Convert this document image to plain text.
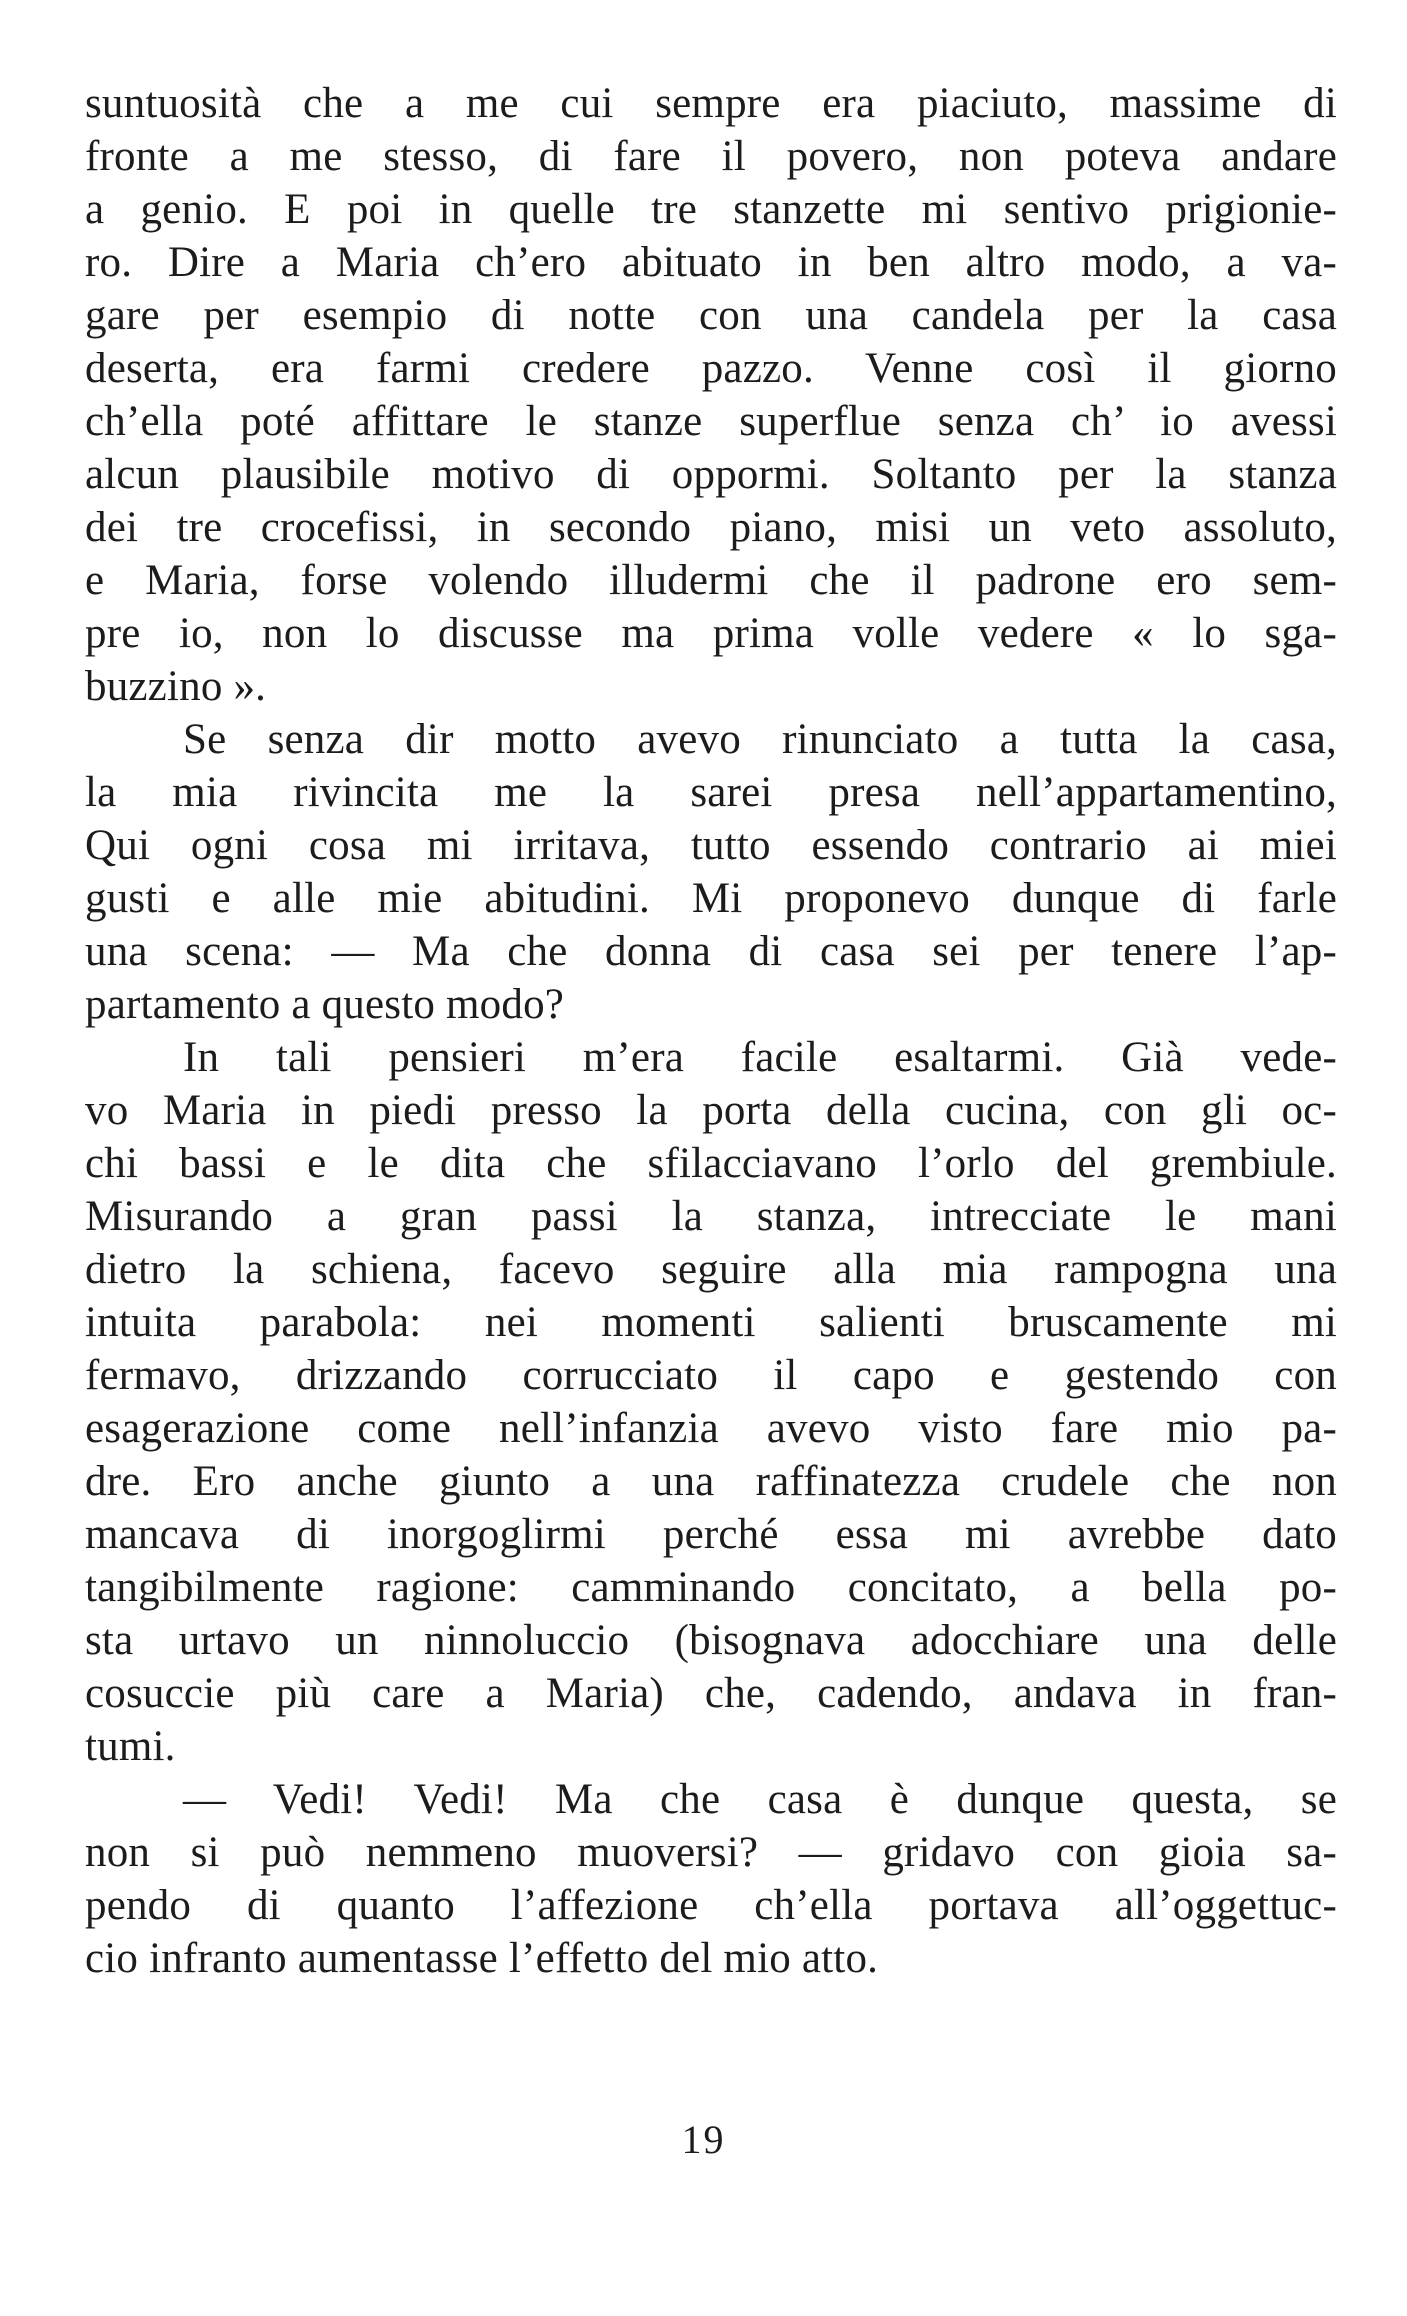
suntuosità che a me cui sempre era piaciuto, massime di
fronte a me stesso, di fare il povero, non poteva andare
a genio. E poi in quelle tre stanzette mi sentivo prigionie-
ro. Dire a Maria ch’ero abituato in ben altro modo, a va-
gare per esempio di notte con una candela per la casa
deserta, era farmi credere pazzo. Venne così il giorno
ch’ella poté affittare le stanze superflue senza ch’ io avessi
alcun plausibile motivo di oppormi. Soltanto per la stanza
dei tre crocefissi, in secondo piano, misi un veto assoluto,
e Maria, forse volendo illudermi che il padrone ero sem-
pre io, non lo discusse ma prima volle vedere « lo sga-
buzzino ».
Se senza dir motto avevo rinunciato a tutta la casa,
la mia rivincita me la sarei presa nell’appartamentino,
Qui ogni cosa mi irritava, tutto essendo contrario ai miei
gusti e alle mie abitudini. Mi proponevo dunque di farle
una scena: — Ma che donna di casa sei per tenere l’ap-
partamento a questo modo?
In tali pensieri m’era facile esaltarmi. Già vede-
vo Maria in piedi presso la porta della cucina, con gli oc-
chi bassi e le dita che sfilacciavano l’orlo del grembiule.
Misurando a gran passi la stanza, intrecciate le mani
dietro la schiena, facevo seguire alla mia rampogna una
intuita parabola: nei momenti salienti bruscamente mi
fermavo, drizzando corrucciato il capo e gestendo con
esagerazione come nell’infanzia avevo visto fare mio pa-
dre. Ero anche giunto a una raffinatezza crudele che non
mancava di inorgoglirmi perché essa mi avrebbe dato
tangibilmente ragione: camminando concitato, a bella po-
sta urtavo un ninnoluccio (bisognava adocchiare una delle
cosuccie più care a Maria) che, cadendo, andava in fran-
tumi.
— Vedi! Vedi! Ma che casa è dunque questa, se
non si può nemmeno muoversi? — gridavo con gioia sa-
pendo di quanto l’affezione ch’ella portava all’oggettuc-
cio infranto aumentasse l’effetto del mio atto.
19
